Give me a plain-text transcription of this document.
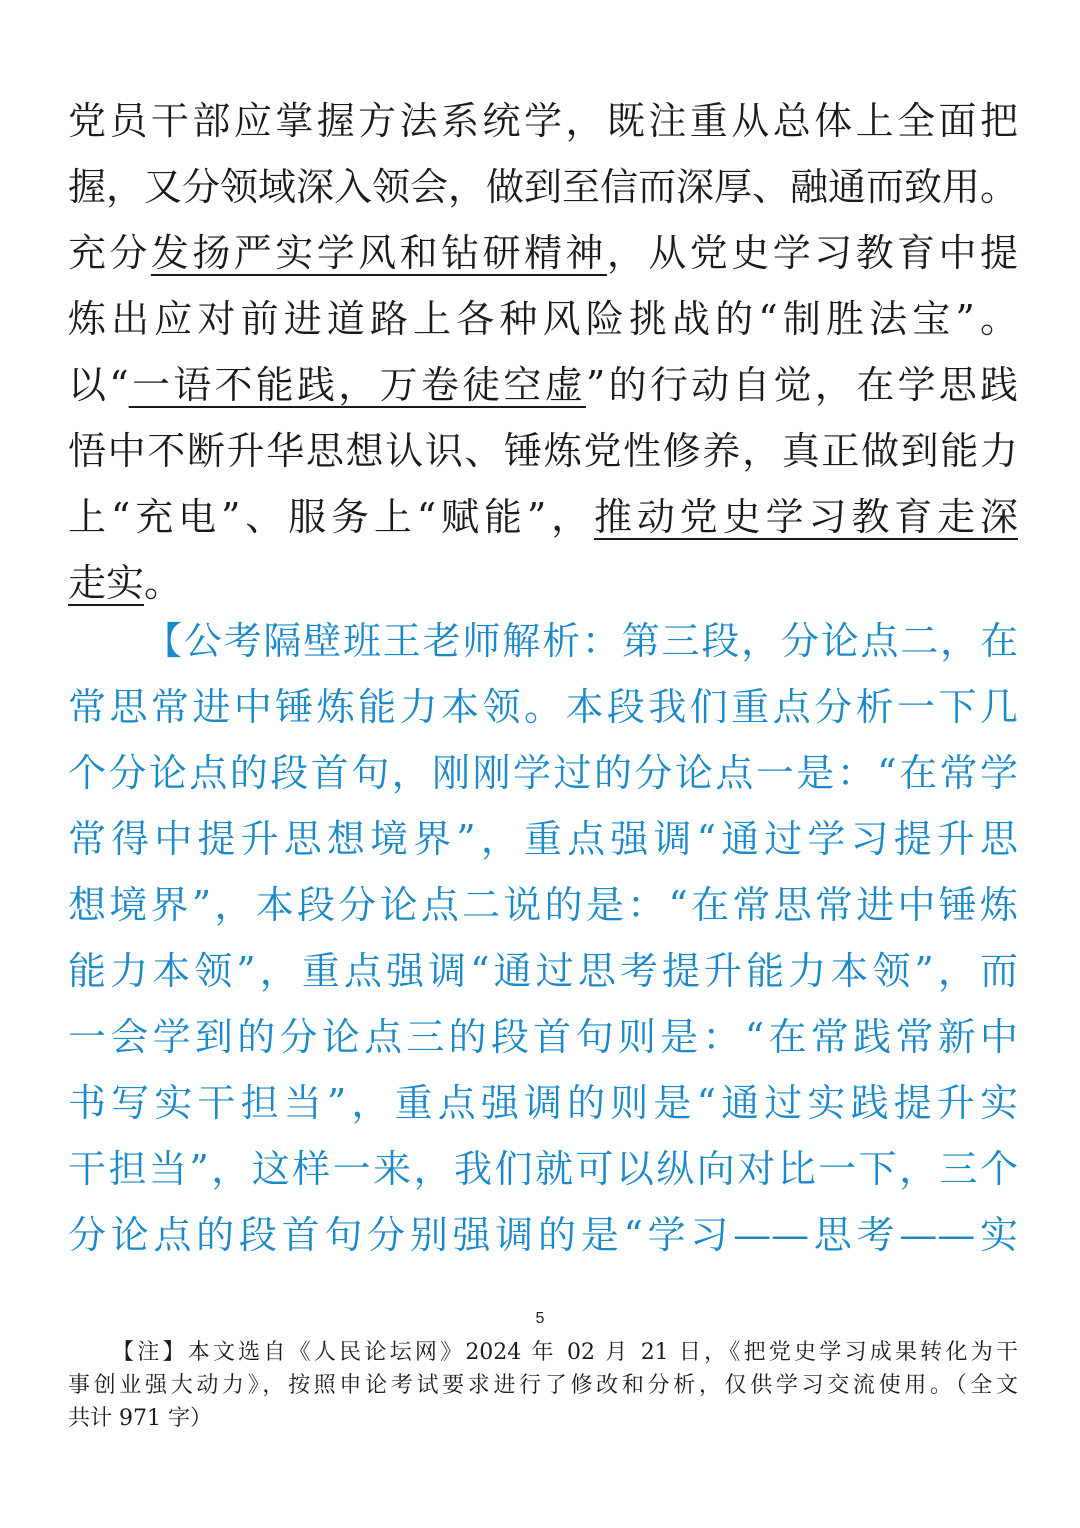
党员干部应掌握方法系统学，既注重从总体上全面把
握，又分领域深入领会，做到至信而深厚、融通而致用。
充分发扬严实学风和钻研精神，从党史学习教育中提
炼出应对前进道路上各种风险挑战的“制胜法宝”。
以“一语不能践，万卷徒空虚”的行动自觉，在学思践
悟中不断升华思想认识、锤炼党性修养，真正做到能力
上“充电”、服务上“赋能”，推动党史学习教育走深
走实。
【公考隔壁班王老师解析：第三段，分论点二，在
常思常进中锤炼能力本领。本段我们重点分析一下几
个分论点的段首句，刚刚学过的分论点一是：“在常学
常得中提升思想境界”，重点强调“通过学习提升思
想境界”，本段分论点二说的是：“在常思常进中锤炼
能力本领”，重点强调“通过思考提升能力本领”，而
一会学到的分论点三的段首句则是：“在常践常新中
书写实干担当”，重点强调的则是“通过实践提升实
干担当”，这样一来，我们就可以纵向对比一下，三个
分论点的段首句分别强调的是“学习——思考——实
5
【注】本文选自《人民论坛网》2024 年 02 月 21 日，《把党史学习成果转化为干
事创业强大动力》，按照申论考试要求进行了修改和分析，仅供学习交流使用。（全文
共计 971 字）
